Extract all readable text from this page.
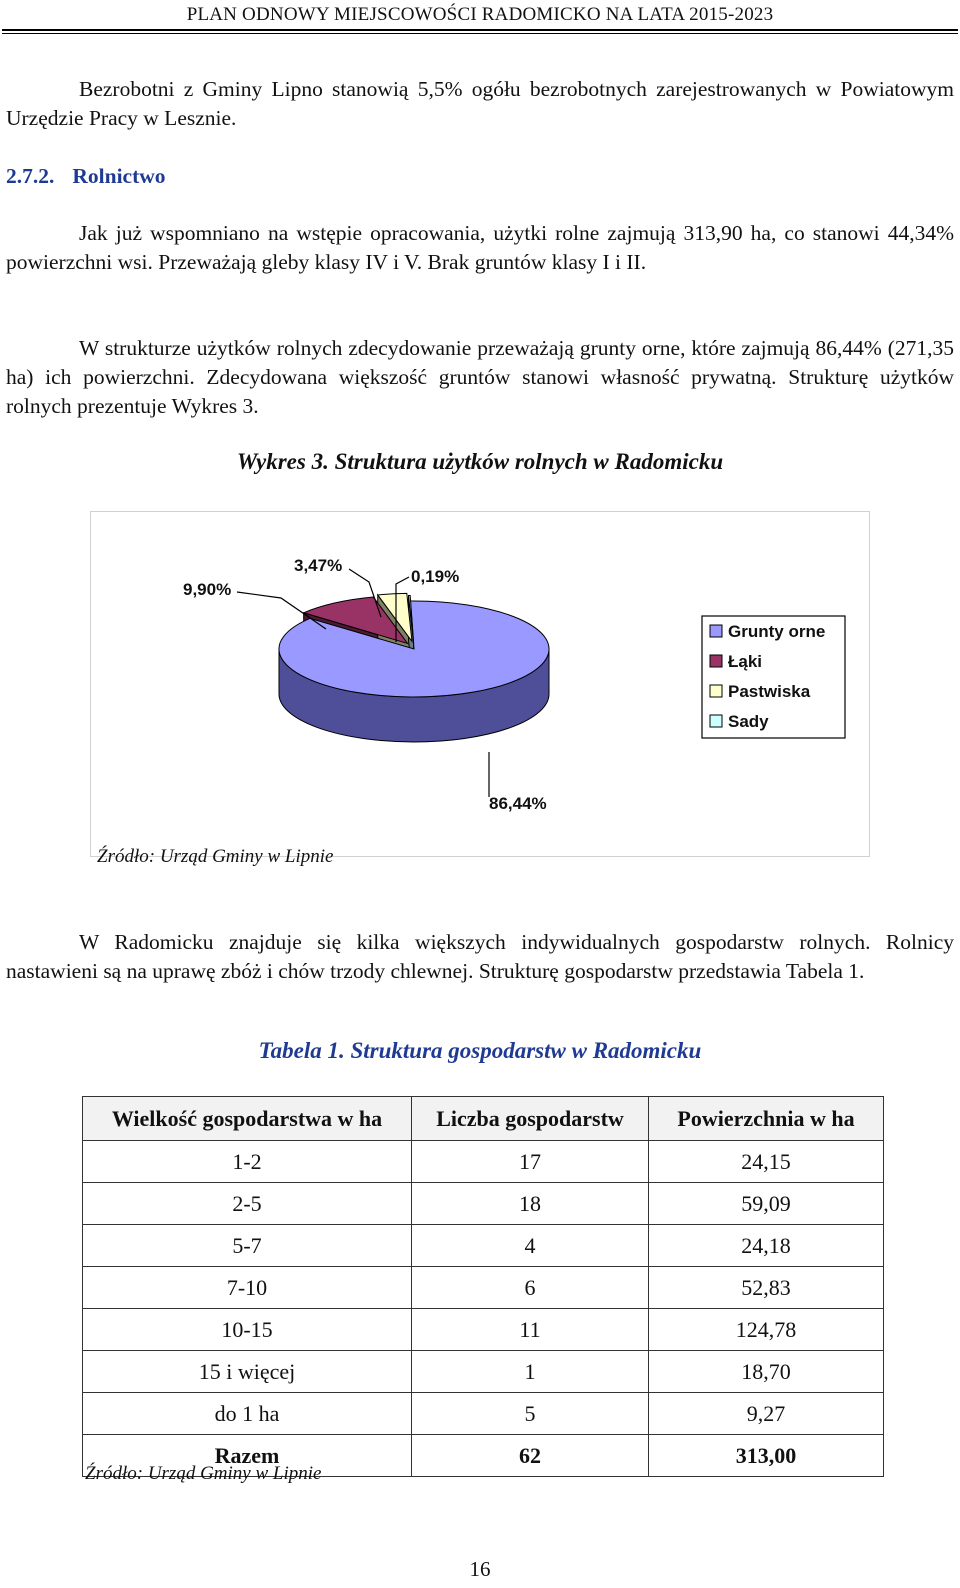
PLAN ODNOWY MIEJSCOWOŚCI RADOMICKO NA LATA 2015-2023
Bezrobotni z Gminy Lipno stanowią 5,5% ogółu bezrobotnych zarejestrowanych w Powiatowym Urzędzie Pracy w Lesznie.
2.7.2. Rolnictwo
Jak już wspomniano na wstępie opracowania, użytki rolne zajmują 313,90 ha, co stanowi 44,34% powierzchni wsi. Przeważają gleby klasy IV i V. Brak gruntów klasy I i II.
W strukturze użytków rolnych zdecydowanie przeważają grunty orne, które zajmują 86,44% (271,35 ha) ich powierzchni. Zdecydowana większość gruntów stanowi własność prywatną. Strukturę użytków rolnych prezentuje Wykres 3.
Wykres 3. Struktura użytków rolnych w Radomicku
86,44%
9,90%
3,47%
0,19%
Grunty orne
Łąki
Pastwiska
Sady
Źródło: Urząd Gminy w Lipnie
W Radomicku znajduje się kilka większych indywidualnych gospodarstw rolnych. Rolnicy nastawieni są na uprawę zbóż i chów trzody chlewnej. Strukturę gospodarstw przedstawia Tabela 1.
Tabela 1. Struktura gospodarstw w Radomicku
Wielkość gospodarstwa w ha	Liczba gospodarstw	Powierzchnia w ha
1-2	17	24,15
2-5	18	59,09
5-7	4	24,18
7-10	6	52,83
10-15	11	124,78
15 i więcej	1	18,70
do 1 ha	5	9,27
Razem	62	313,00
Źródło: Urząd Gminy w Lipnie
16
